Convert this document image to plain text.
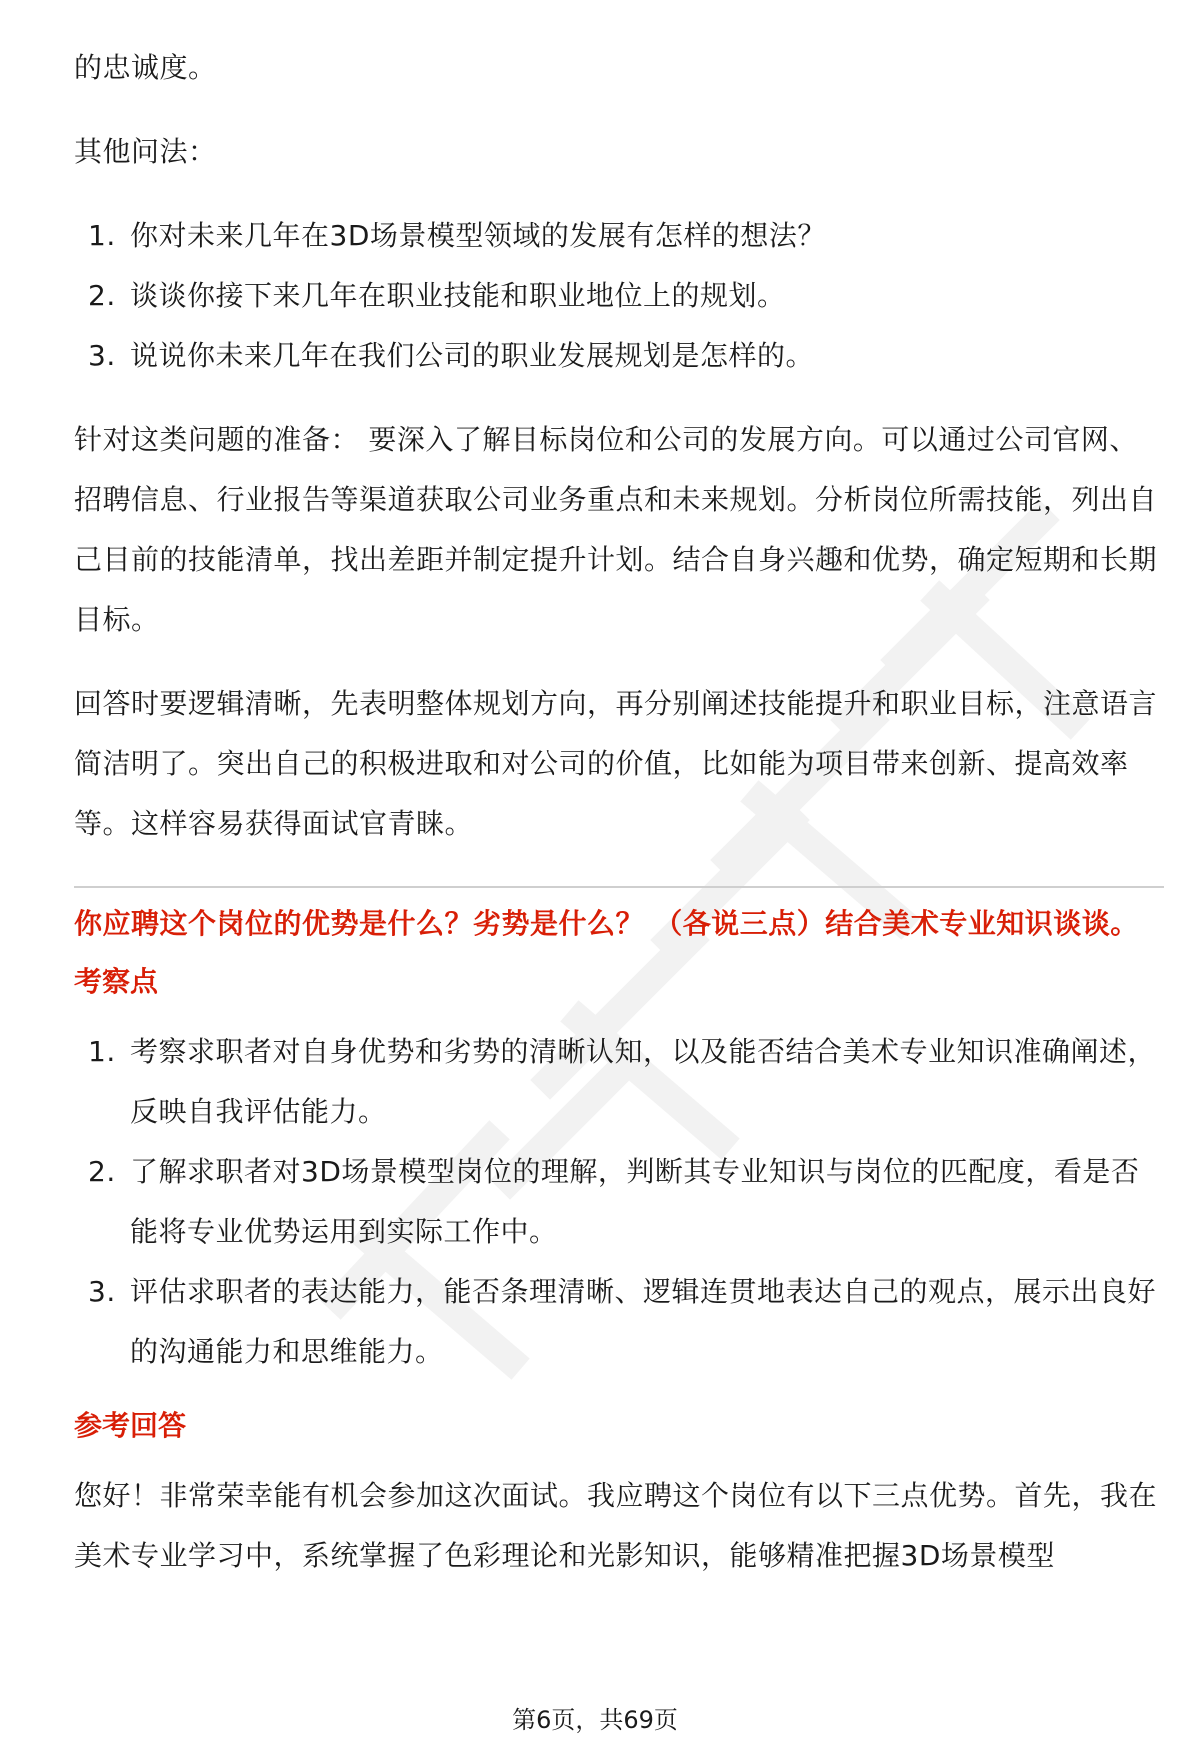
的忠诚度。

其他问法：

1. 你对未来几年在3D场景模型领域的发展有怎样的想法？
2. 谈谈你接下来几年在职业技能和职业地位上的规划。
3. 说说你未来几年在我们公司的职业发展规划是怎样的。

针对这类问题的准备： 要深入了解目标岗位和公司的发展方向。可以通过公司官网、招聘信息、行业报告等渠道获取公司业务重点和未来规划。分析岗位所需技能，列出自己目前的技能清单，找出差距并制定提升计划。结合自身兴趣和优势，确定短期和长期目标。

回答时要逻辑清晰，先表明整体规划方向，再分别阐述技能提升和职业目标，注意语言简洁明了。突出自己的积极进取和对公司的价值，比如能为项目带来创新、提高效率等。这样容易获得面试官青睐。

你应聘这个岗位的优势是什么？劣势是什么？ （各说三点）结合美术专业知识谈谈。

考察点

1. 考察求职者对自身优势和劣势的清晰认知，以及能否结合美术专业知识准确阐述，反映自我评估能力。
2. 了解求职者对3D场景模型岗位的理解，判断其专业知识与岗位的匹配度，看是否能将专业优势运用到实际工作中。
3. 评估求职者的表达能力，能否条理清晰、逻辑连贯地表达自己的观点，展示出良好的沟通能力和思维能力。

参考回答

您好！非常荣幸能有机会参加这次面试。我应聘这个岗位有以下三点优势。首先，我在美术专业学习中，系统掌握了色彩理论和光影知识，能够精准把握3D场景模型

第6页，共69页
